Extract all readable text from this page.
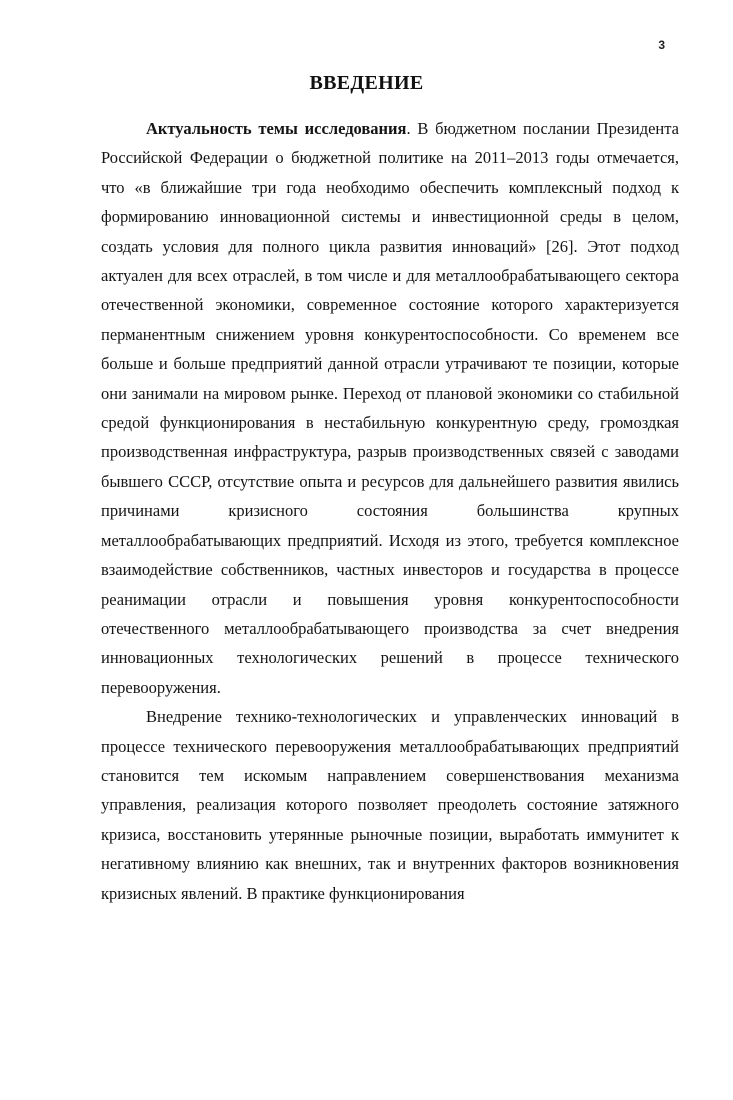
3
ВВЕДЕНИЕ

Актуальность темы исследования. В бюджетном послании Президента Российской Федерации о бюджетной политике на 2011–2013 годы отмечается, что «в ближайшие три года необходимо обеспечить комплексный подход к формированию инновационной системы и инвестиционной среды в целом, создать условия для полного цикла развития инноваций» [26]. Этот подход актуален для всех отраслей, в том числе и для металлообрабатывающего сектора отечественной экономики, современное состояние которого характеризуется перманентным снижением уровня конкурентоспособности. Со временем все больше и больше предприятий данной отрасли утрачивают те позиции, которые они занимали на мировом рынке. Переход от плановой экономики со стабильной средой функционирования в нестабильную конкурентную среду, громоздкая производственная инфраструктура, разрыв производственных связей с заводами бывшего СССР, отсутствие опыта и ресурсов для дальнейшего развития явились причинами кризисного состояния большинства крупных металлообрабатывающих предприятий. Исходя из этого, требуется комплексное взаимодействие собственников, частных инвесторов и государства в процессе реанимации отрасли и повышения уровня конкурентоспособности отечественного металлообрабатывающего производства за счет внедрения инновационных технологических решений в процессе технического перевооружения.

Внедрение технико-технологических и управленческих инноваций в процессе технического перевооружения металлообрабатывающих предприятий становится тем искомым направлением совершенствования механизма управления, реализация которого позволяет преодолеть состояние затяжного кризиса, восстановить утерянные рыночные позиции, выработать иммунитет к негативному влиянию как внешних, так и внутренних факторов возникновения кризисных явлений. В практике функционирования
